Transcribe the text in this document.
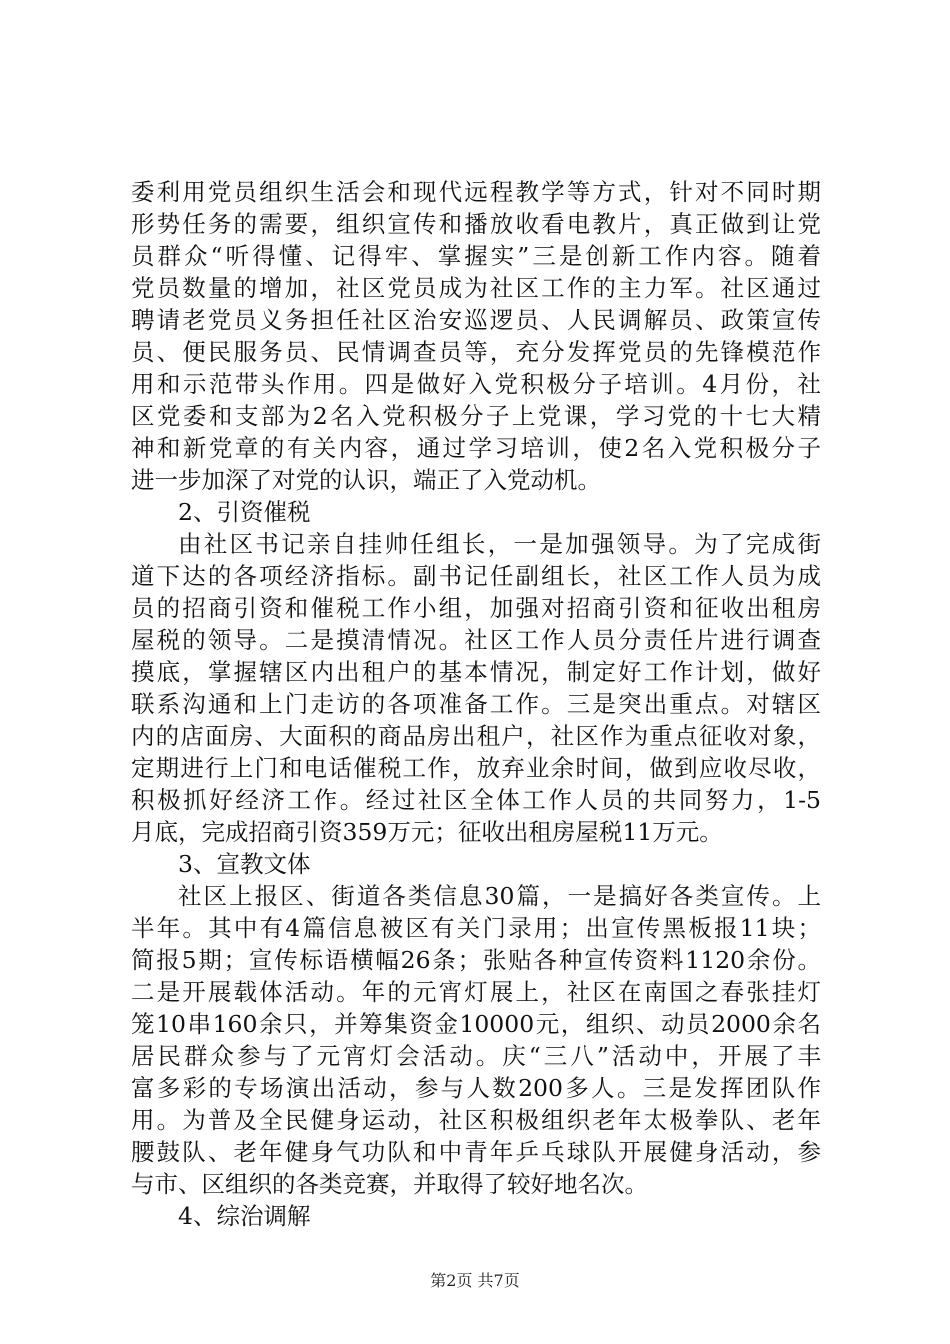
委利用党员组织生活会和现代远程教学等方式，针对不同时期
形势任务的需要，组织宣传和播放收看电教片，真正做到让党
员群众“听得懂、记得牢、掌握实”三是创新工作内容。随着
党员数量的增加，社区党员成为社区工作的主力军。社区通过
聘请老党员义务担任社区治安巡逻员、人民调解员、政策宣传
员、便民服务员、民情调查员等，充分发挥党员的先锋模范作
用和示范带头作用。四是做好入党积极分子培训。4月份，社
区党委和支部为2名入党积极分子上党课，学习党的十七大精
神和新党章的有关内容，通过学习培训，使2名入党积极分子
进一步加深了对党的认识，端正了入党动机。
2、引资催税
由社区书记亲自挂帅任组长，一是加强领导。为了完成街
道下达的各项经济指标。副书记任副组长，社区工作人员为成
员的招商引资和催税工作小组，加强对招商引资和征收出租房
屋税的领导。二是摸清情况。社区工作人员分责任片进行调查
摸底，掌握辖区内出租户的基本情况，制定好工作计划，做好
联系沟通和上门走访的各项准备工作。三是突出重点。对辖区
内的店面房、大面积的商品房出租户，社区作为重点征收对象，
定期进行上门和电话催税工作，放弃业余时间，做到应收尽收，
积极抓好经济工作。经过社区全体工作人员的共同努力，1-5
月底，完成招商引资359万元；征收出租房屋税11万元。
3、宣教文体
社区上报区、街道各类信息30篇，一是搞好各类宣传。上
半年。其中有4篇信息被区有关门录用；出宣传黑板报11块；
简报5期；宣传标语横幅26条；张贴各种宣传资料1120余份。
二是开展载体活动。年的元宵灯展上，社区在南国之春张挂灯
笼10串160余只，并筹集资金10000元，组织、动员2000余名
居民群众参与了元宵灯会活动。庆“三八”活动中，开展了丰
富多彩的专场演出活动，参与人数200多人。三是发挥团队作
用。为普及全民健身运动，社区积极组织老年太极拳队、老年
腰鼓队、老年健身气功队和中青年乒乓球队开展健身活动，参
与市、区组织的各类竞赛，并取得了较好地名次。
4、综治调解
第2页 共7页
